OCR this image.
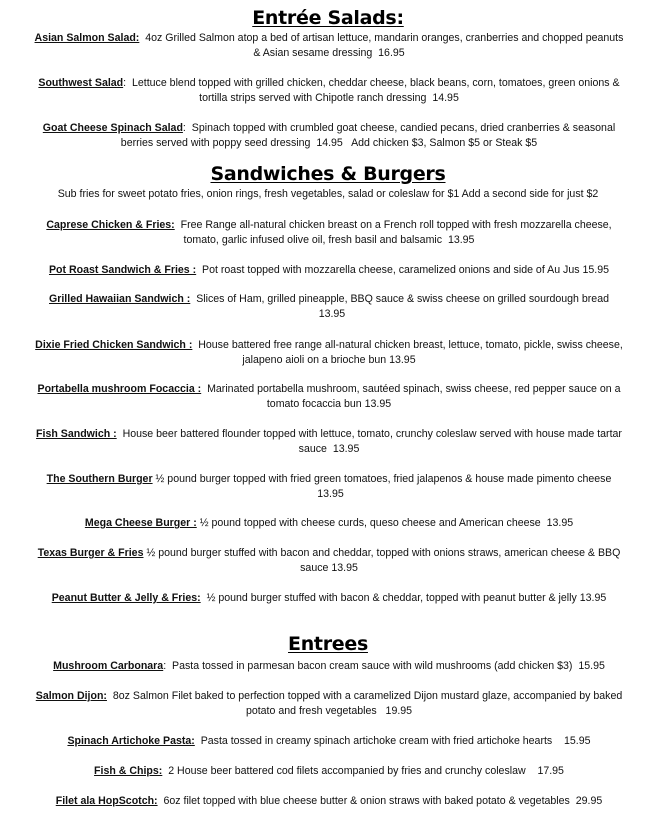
Entrée Salads:
Asian Salmon Salad: 4oz Grilled Salmon atop a bed of artisan lettuce, mandarin oranges, cranberries and chopped peanuts & Asian sesame dressing 16.95
Southwest Salad: Lettuce blend topped with grilled chicken, cheddar cheese, black beans, corn, tomatoes, green onions & tortilla strips served with Chipotle ranch dressing 14.95
Goat Cheese Spinach Salad: Spinach topped with crumbled goat cheese, candied pecans, dried cranberries & seasonal berries served with poppy seed dressing 14.95 Add chicken $3, Salmon $5 or Steak $5
Sandwiches & Burgers
Sub fries for sweet potato fries, onion rings, fresh vegetables, salad or coleslaw for $1 Add a second side for just $2
Caprese Chicken & Fries: Free Range all-natural chicken breast on a French roll topped with fresh mozzarella cheese, tomato, garlic infused olive oil, fresh basil and balsamic 13.95
Pot Roast Sandwich & Fries : Pot roast topped with mozzarella cheese, caramelized onions and side of Au Jus 15.95
Grilled Hawaiian Sandwich : Slices of Ham, grilled pineapple, BBQ sauce & swiss cheese on grilled sourdough bread  13.95
Dixie Fried Chicken Sandwich : House battered free range all-natural chicken breast, lettuce, tomato, pickle, swiss cheese, jalapeno aioli on a brioche bun 13.95
Portabella mushroom Focaccia : Marinated portabella mushroom, sautéed spinach, swiss cheese, red pepper sauce on a tomato focaccia bun 13.95
Fish Sandwich : House beer battered flounder topped with lettuce, tomato, crunchy coleslaw served with house made tartar sauce 13.95
The Southern Burger ½ pound burger topped with fried green tomatoes, fried jalapenos & house made pimento cheese 13.95
Mega Cheese Burger : ½ pound topped with cheese curds, queso cheese and American cheese 13.95
Texas Burger & Fries ½ pound burger stuffed with bacon and cheddar, topped with onions straws, american cheese & BBQ sauce 13.95
Peanut Butter & Jelly & Fries: ½ pound burger stuffed with bacon & cheddar, topped with peanut butter & jelly 13.95
Entrees
Mushroom Carbonara: Pasta tossed in parmesan bacon cream sauce with wild mushrooms (add chicken $3) 15.95
Salmon Dijon: 8oz Salmon Filet baked to perfection topped with a caramelized Dijon mustard glaze, accompanied by baked potato and fresh vegetables 19.95
Spinach Artichoke Pasta: Pasta tossed in creamy spinach artichoke cream with fried artichoke hearts 15.95
Fish & Chips: 2 House beer battered cod filets accompanied by fries and crunchy coleslaw 17.95
Filet ala HopScotch: 6oz filet topped with blue cheese butter & onion straws with baked potato & vegetables 29.95
